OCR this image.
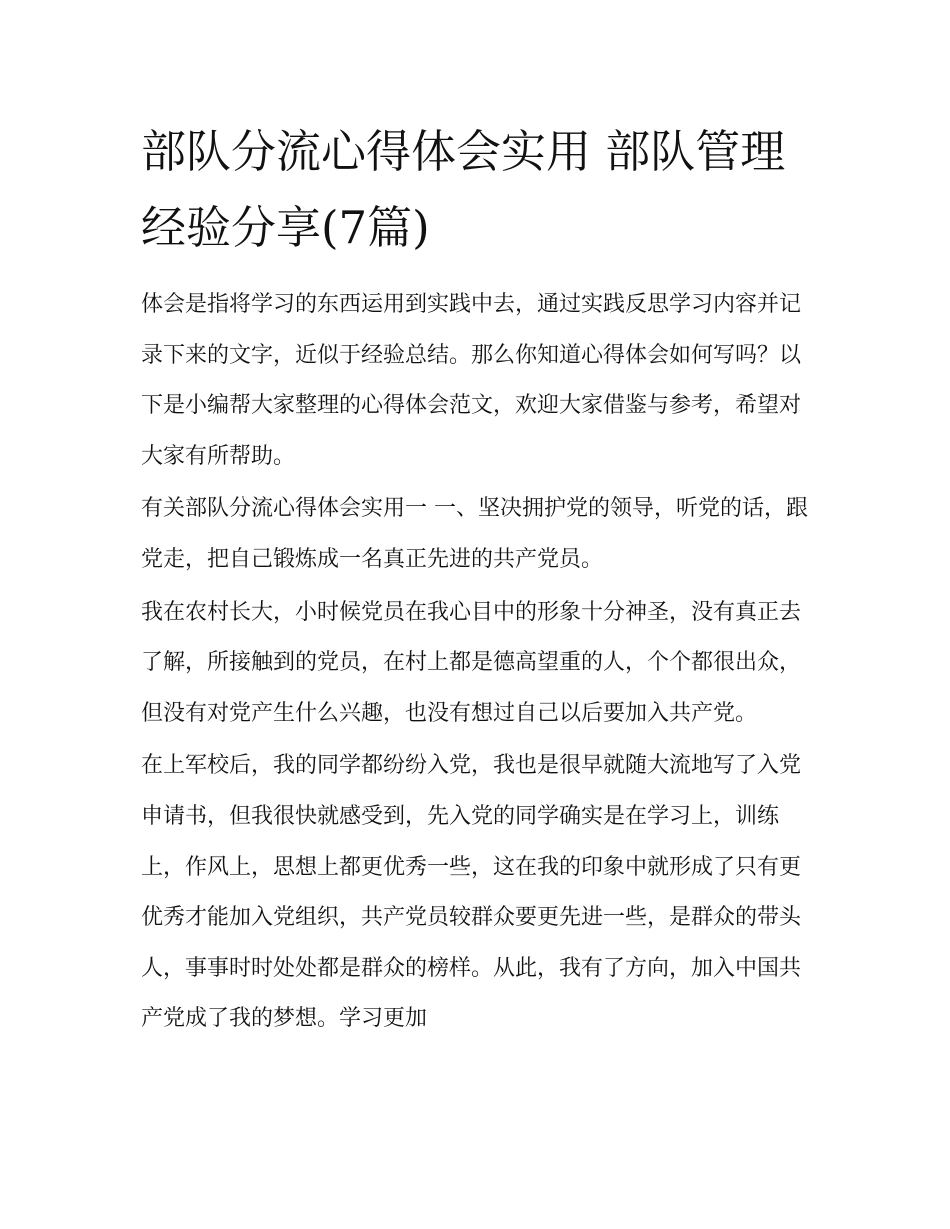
部队分流心得体会实用 部队管理经验分享(7篇)

体会是指将学习的东西运用到实践中去，通过实践反思学习内容并记录下来的文字，近似于经验总结。那么你知道心得体会如何写吗？以下是小编帮大家整理的心得体会范文，欢迎大家借鉴与参考，希望对大家有所帮助。

有关部队分流心得体会实用一 一、坚决拥护党的领导，听党的话，跟党走，把自己锻炼成一名真正先进的共产党员。

我在农村长大，小时候党员在我心目中的形象十分神圣，没有真正去了解，所接触到的党员，在村上都是德高望重的人，个个都很出众，但没有对党产生什么兴趣，也没有想过自己以后要加入共产党。

在上军校后，我的同学都纷纷入党，我也是很早就随大流地写了入党申请书，但我很快就感受到，先入党的同学确实是在学习上，训练上，作风上，思想上都更优秀一些，这在我的印象中就形成了只有更优秀才能加入党组织，共产党员较群众要更先进一些，是群众的带头人，事事时时处处都是群众的榜样。从此，我有了方向，加入中国共产党成了我的梦想。学习更加
